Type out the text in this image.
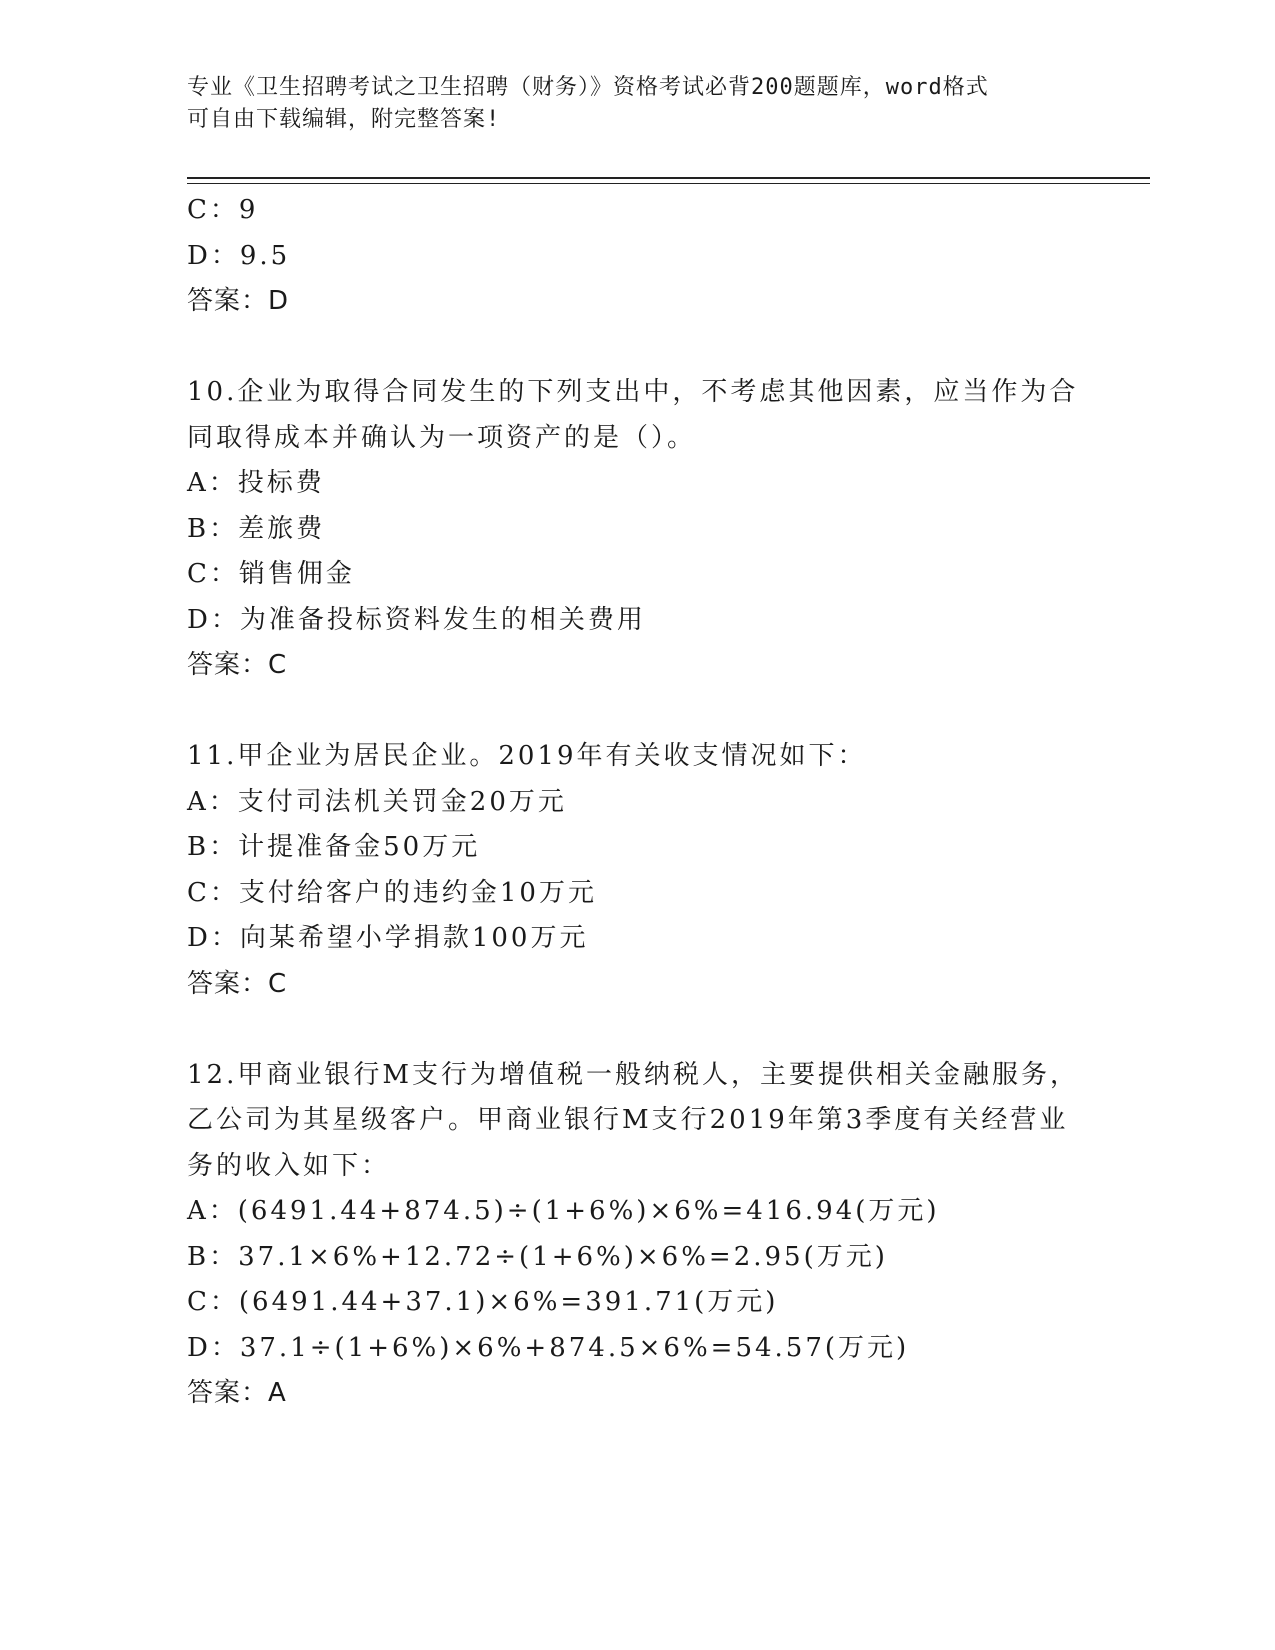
专业《卫生招聘考试之卫生招聘（财务）》资格考试必背200题题库，word格式
可自由下载编辑，附完整答案!
C：9
D：9.5
答案：D
10.企业为取得合同发生的下列支出中，不考虑其他因素，应当作为合
同取得成本并确认为一项资产的是（）。
A：投标费
B：差旅费
C：销售佣金
D：为准备投标资料发生的相关费用
答案：C
11.甲企业为居民企业。2019年有关收支情况如下：
A：支付司法机关罚金20万元
B：计提准备金50万元
C：支付给客户的违约金10万元
D：向某希望小学捐款100万元
答案：C
12.甲商业银行M支行为增值税一般纳税人，主要提供相关金融服务，
乙公司为其星级客户。甲商业银行M支行2019年第3季度有关经营业
务的收入如下：
A：(6491.44+874.5)÷(1+6%)×6%=416.94(万元)
B：37.1×6%+12.72÷(1+6%)×6%=2.95(万元)
C：(6491.44+37.1)×6%=391.71(万元)
D：37.1÷(1+6%)×6%+874.5×6%=54.57(万元)
答案：A
